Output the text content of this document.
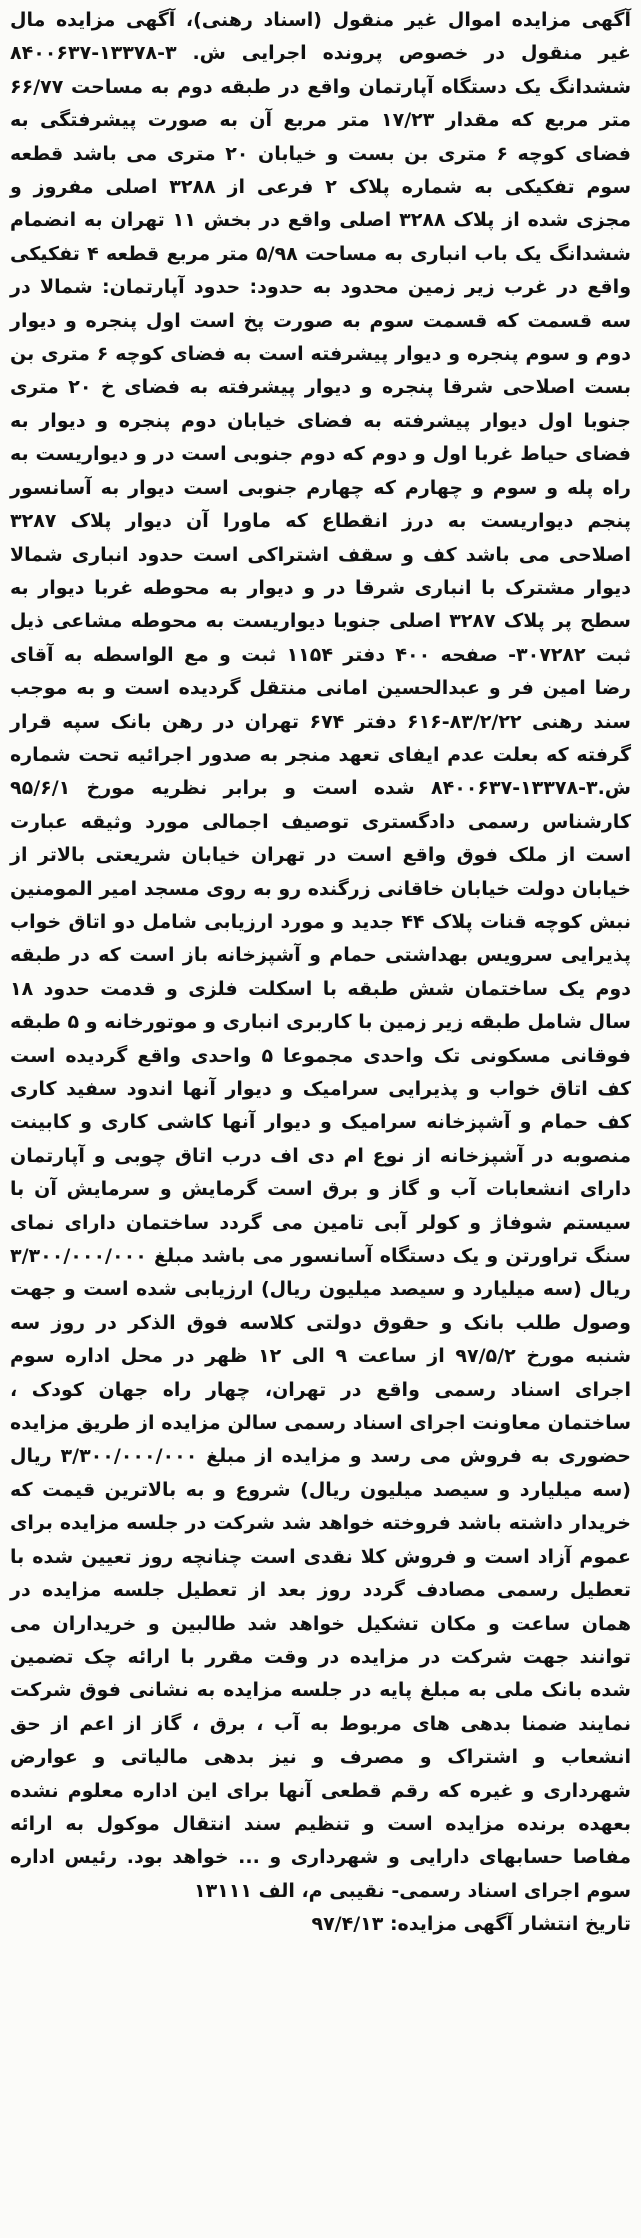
آگهی مزایده اموال غیر منقول (اسناد رهنی)، آگهی مزایده مال غیر منقول در خصوص پرونده اجرایی ش. ۳-۱۳۳۷۸-۸۴۰۰۶۳۷ ششدانگ یک دستگاه آپارتمان واقع در طبقه دوم به مساحت ۶۶/۷۷ متر مربع که مقدار ۱۷/۲۳ متر مربع آن به صورت پیشرفتگی به فضای کوچه ۶ متری بن بست و خیابان ۲۰ متری می باشد قطعه سوم تفکیکی به شماره پلاک ۲ فرعی از ۳۲۸۸ اصلی مفروز و مجزی شده از پلاک ۳۲۸۸ اصلی واقع در بخش ۱۱ تهران به انضمام ششدانگ یک باب انباری به مساحت ۵/۹۸ متر مربع قطعه ۴ تفکیکی واقع در غرب زیر زمین محدود به حدود: حدود آپارتمان: شمالا در سه قسمت که قسمت سوم به صورت پخ است اول پنجره و دیوار دوم و سوم پنجره و دیوار پیشرفته است به فضای کوچه ۶ متری بن بست اصلاحی شرقا پنجره و دیوار پیشرفته به فضای خ ۲۰ متری جنوبا اول دیوار پیشرفته به فضای خیابان دوم پنجره و دیوار به فضای حیاط غربا اول و دوم که دوم جنوبی است در و دیواریست به راه پله و سوم و چهارم که چهارم جنوبی است دیوار به آسانسور پنجم دیواریست به درز انقطاع که ماورا آن دیوار پلاک ۳۲۸۷ اصلاحی می باشد کف و سقف اشتراکی است حدود انباری شمالا دیوار مشترک با انباری شرقا در و دیوار به محوطه غربا دیوار به سطح پر پلاک ۳۲۸۷ اصلی جنوبا دیواریست به محوطه مشاعی ذیل ثبت ۳۰۷۲۸۲- صفحه ۴۰۰ دفتر ۱۱۵۴ ثبت و مع الواسطه به آقای رضا امین فر و عبدالحسین امانی منتقل گردیده است و به موجب سند رهنی ۸۳/۲/۲۲-۶۱۶ دفتر ۶۷۴ تهران در رهن بانک سپه قرار گرفته که بعلت عدم ایفای تعهد منجر به صدور اجرائیه تحت شماره ش.۳-۱۳۳۷۸-۸۴۰۰۶۳۷ شده است و برابر نظریه مورخ ۹۵/۶/۱ کارشناس رسمی دادگستری توصیف اجمالی مورد وثیقه عبارت است از ملک فوق واقع است در تهران خیابان شریعتی بالاتر از خیابان دولت خیابان خاقانی زرگنده رو به روی مسجد امیر المومنین نبش کوچه قنات پلاک ۴۴ جدید و مورد ارزیابی شامل دو اتاق خواب پذیرایی سرویس بهداشتی حمام و آشپزخانه باز است که در طبقه دوم یک ساختمان شش طبقه با اسکلت فلزی و قدمت حدود ۱۸ سال شامل طبقه زیر زمین با کاربری انباری و موتورخانه و ۵ طبقه فوقانی مسکونی تک واحدی مجموعا ۵ واحدی واقع گردیده است کف اتاق خواب و پذیرایی سرامیک و دیوار آنها اندود سفید کاری کف حمام و آشپزخانه سرامیک و دیوار آنها کاشی کاری و کابینت منصوبه در آشپزخانه از نوع ام دی اف درب اتاق چوبی و آپارتمان دارای انشعابات آب و گاز و برق است گرمایش و سرمایش آن با سیستم شوفاژ و کولر آبی تامین می گردد ساختمان دارای نمای سنگ تراورتن و یک دستگاه آسانسور می باشد مبلغ ۳/۳۰۰/۰۰۰/۰۰۰ ریال (سه میلیارد و سیصد میلیون ریال) ارزیابی شده است و جهت وصول طلب بانک و حقوق دولتی کلاسه فوق الذکر در روز سه شنبه مورخ ۹۷/۵/۲ از ساعت ۹ الی ۱۲ ظهر در محل اداره سوم اجرای اسناد رسمی واقع در تهران، چهار راه جهان کودک ، ساختمان معاونت اجرای اسناد رسمی سالن مزایده از طریق مزایده حضوری به فروش می رسد و مزایده از مبلغ ۳/۳۰۰/۰۰۰/۰۰۰ ریال (سه میلیارد و سیصد میلیون ریال) شروع و به بالاترین قیمت که خریدار داشته باشد فروخته خواهد شد شرکت در جلسه مزایده برای عموم آزاد است و فروش کلا نقدی است چنانچه روز تعیین شده با تعطیل رسمی مصادف گردد روز بعد از تعطیل جلسه مزایده در همان ساعت و مکان تشکیل خواهد شد طالبین و خریداران می توانند جهت شرکت در مزایده در وقت مقرر با ارائه چک تضمین شده بانک ملی به مبلغ پایه در جلسه مزایده به نشانی فوق شرکت نمایند ضمنا بدهی های مربوط به آب ، برق ، گاز از اعم از حق انشعاب و اشتراک و مصرف و نیز بدهی مالیاتی و عوارض شهرداری و غیره که رقم قطعی آنها برای این اداره معلوم نشده بعهده برنده مزایده است و تنظیم سند انتقال موکول به ارائه مفاصا حسابهای دارایی و شهرداری و ... خواهد بود. رئیس اداره سوم اجرای اسناد رسمی- نقیبی م، الف ۱۳۱۱۱

تاریخ انتشار آگهی مزایده: ۹۷/۴/۱۳
